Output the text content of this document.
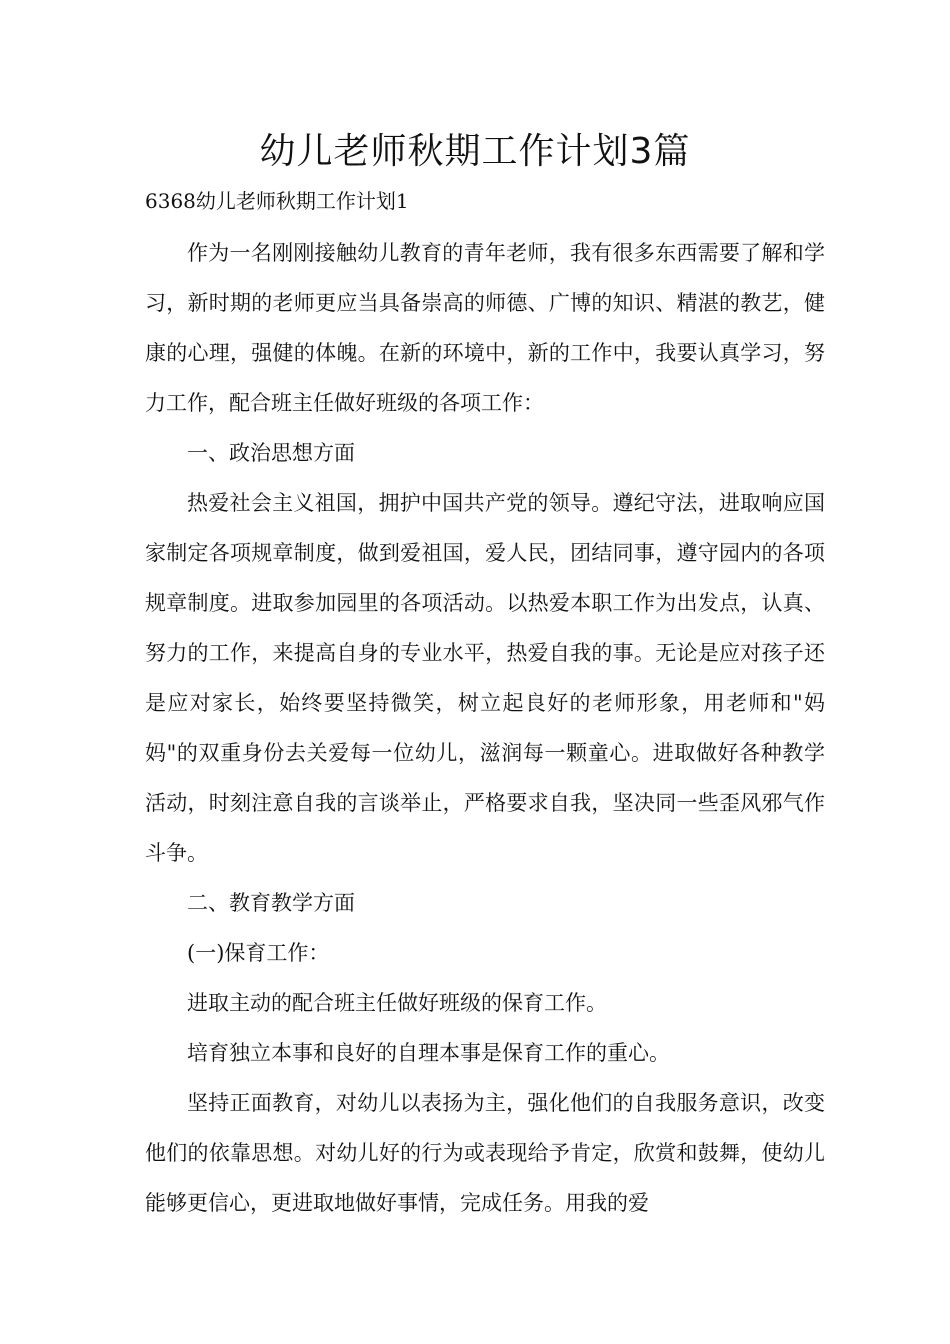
幼儿老师秋期工作计划3篇
6368幼儿老师秋期工作计划1

作为一名刚刚接触幼儿教育的青年老师，我有很多东西需要了解和学习，新时期的老师更应当具备崇高的师德、广博的知识、精湛的教艺，健康的心理，强健的体魄。在新的环境中，新的工作中，我要认真学习，努力工作，配合班主任做好班级的各项工作：

一、政治思想方面

热爱社会主义祖国，拥护中国共产党的领导。遵纪守法，进取响应国家制定各项规章制度，做到爱祖国，爱人民，团结同事，遵守园内的各项规章制度。进取参加园里的各项活动。以热爱本职工作为出发点，认真、努力的工作，来提高自身的专业水平，热爱自我的事。无论是应对孩子还是应对家长，始终要坚持微笑，树立起良好的老师形象，用老师和"妈妈"的双重身份去关爱每一位幼儿，滋润每一颗童心。进取做好各种教学活动，时刻注意自我的言谈举止，严格要求自我，坚决同一些歪风邪气作斗争。

二、教育教学方面

(一)保育工作：

进取主动的配合班主任做好班级的保育工作。

培育独立本事和良好的自理本事是保育工作的重心。

坚持正面教育，对幼儿以表扬为主，强化他们的自我服务意识，改变他们的依靠思想。对幼儿好的行为或表现给予肯定，欣赏和鼓舞，使幼儿能够更信心，更进取地做好事情，完成任务。用我的爱
